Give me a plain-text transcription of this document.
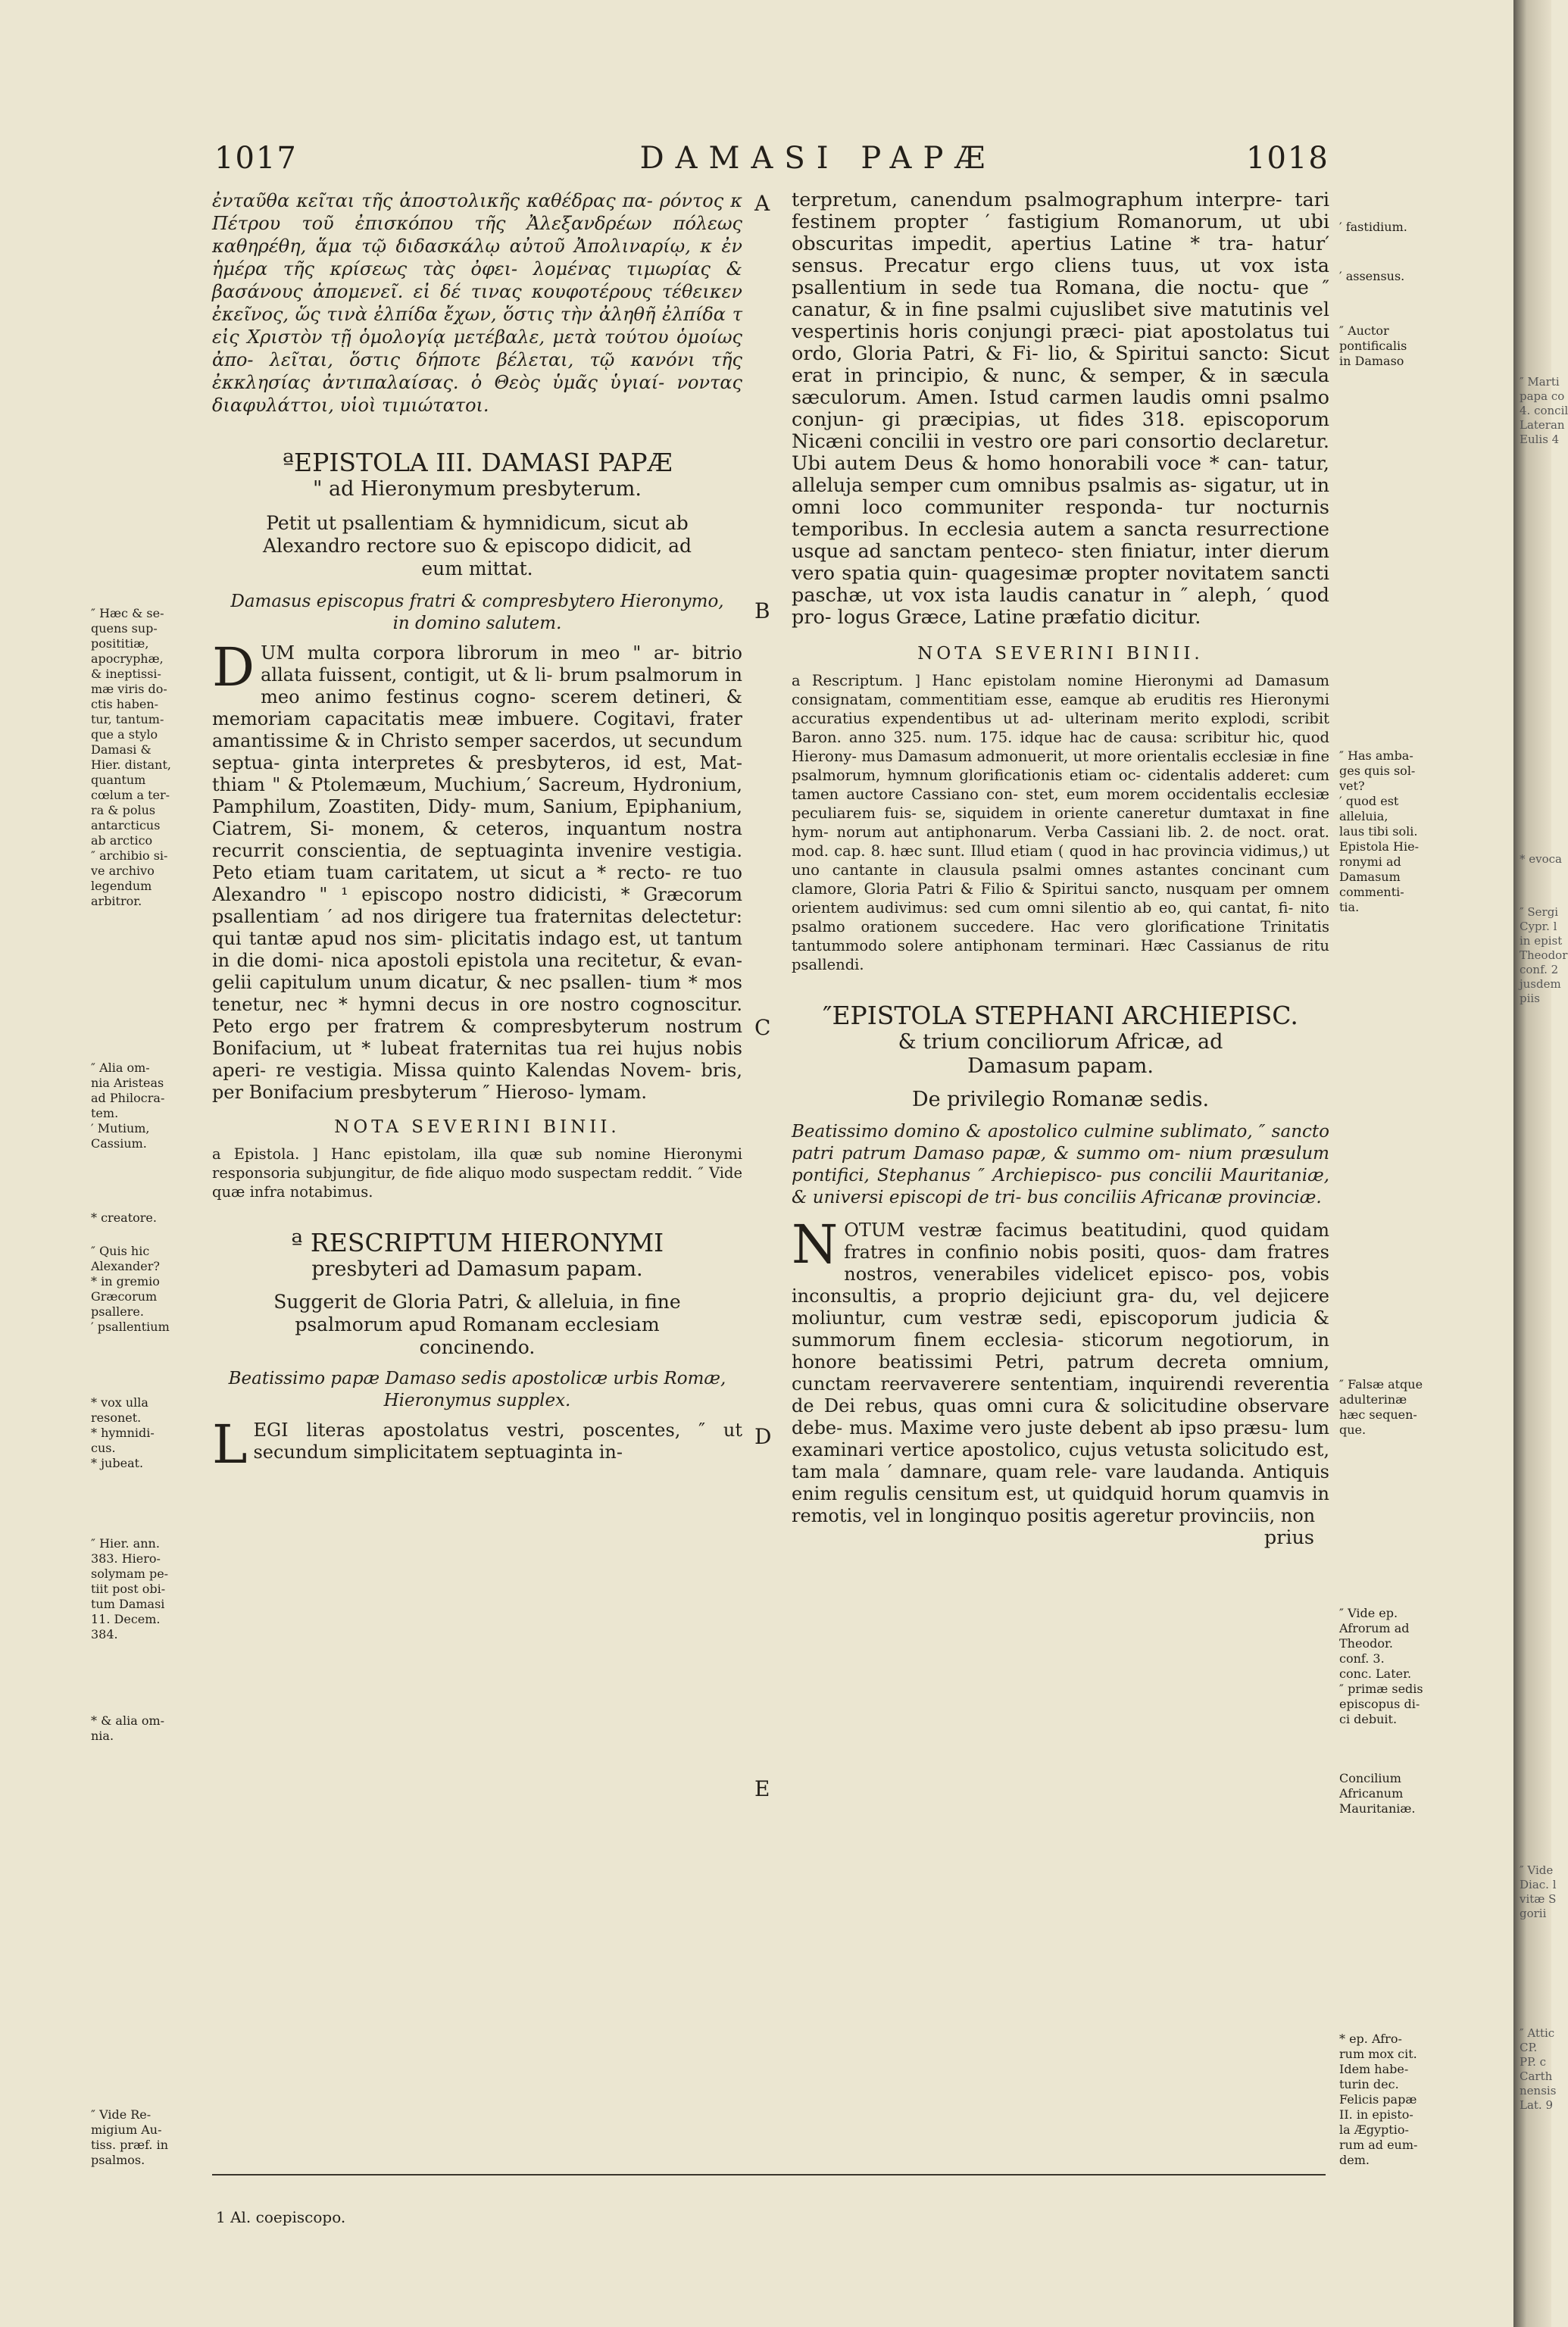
″ Marti
papa co
4. concil
Lateran
Eulis 4
* evoca
″ Sergi
Cypr. l
in epist
Theodor
conf. 2
jusdem
piis
″ Vide
Diac. l
vitæ S
gorii
″ Attic
CP.
PP. c
Carth
nensis
Lat. 9
1017	DAMASI PAPÆ	1018
A
B
C
D
E
″ Hæc & se-
quens sup-
posititiæ,
apocryphæ,
& ineptissi-
mæ viris do-
ctis haben-
tur, tantum-
que a stylo
Damasi &
Hier. distant,
quantum
cœlum a ter-
ra & polus
antarcticus
ab arctico
″ archibio si-
ve archivo
legendum
arbitror.
″ Alia om-
nia Aristeas
ad Philocra-
tem.
′ Mutium,
Cassium.
* creatore.
″ Quis hic
Alexander?
* in gremio
Græcorum
psallere.
′ psallentium
* vox ulla
resonet.
* hymnidi-
cus.
* jubeat.
″ Hier. ann.
383. Hiero-
solymam pe-
tiit post obi-
tum Damasi
11. Decem.
384.
* & alia om-
nia.
″ Vide Re-
migium Au-
tiss. præf. in
psalmos.
′ fastidium.
′ assensus.
″ Auctor
pontificalis
in Damaso
″ Has amba-
ges quis sol-
vet?
′ quod est
alleluia,
laus tibi soli.
Epistola Hie-
ronymi ad
Damasum
commenti-
tia.
″ Falsæ atque
adulterinæ
hæc sequen-
que.
″ Vide ep.
Afrorum ad
Theodor.
conf. 3.
conc. Later.
″ primæ sedis
episcopus di-
ci debuit.
Concilium
Africanum
Mauritaniæ.
* ep. Afro-
rum mox cit.
Idem habe-
turin dec.
Felicis papæ
II. in episto-
la Ægyptio-
rum ad eum-
dem.

ἐνταῦθα κεῖται τῆς ἀποστολικῆς καθέδρας πα- ρόντος κ Πέτρου τοῦ ἐπισκόπου τῆς Ἀλεξανδρέων πόλεως καθηρέθη, ἅμα τῷ διδασκάλῳ αὐτοῦ Ἀπολιναρίῳ, κ ἐν ἡμέρα τῆς κρίσεως τὰς ὀφει- λομένας τιμωρίας & βασάνους ἀπομενεῖ. εἰ δέ τινας κουφοτέρους τέθεικεν ἐκεῖνος, ὥς τινὰ ἐλπίδα ἔχων, ὅστις τὴν ἀληθῆ ἐλπίδα τ εἰς Χριστὸν τῇ ὁμολογίᾳ μετέβαλε, μετὰ τούτου ὁμοίως ἀπο- λεῖται, ὅστις δήποτε βέλεται, τῷ κανόνι τῆς ἐκκλησίας ἀντιπαλαίσας. ὁ Θεὸς ὑμᾶς ὑγιαί- νοντας διαφυλάττοι, υἱοὶ τιμιώτατοι.

ªEPISTOLA III. DAMASI PAPÆ

" ad Hieronymum presbyterum.

Petit ut psallentiam & hymnidicum, sicut ab Alexandro rectore suo & episcopo didicit, ad eum mittat.

Damasus episcopus fratri & compresbytero Hieronymo, in domino salutem.

DUM multa corpora librorum in meo " ar- bitrio allata fuissent, contigit, ut & li- brum psalmorum in meo animo festinus cogno- scerem detineri, & memoriam capacitatis meæ imbuere. Cogitavi, frater amantissime & in Christo semper sacerdos, ut secundum septua- ginta interpretes & presbyteros, id est, Mat- thiam " & Ptolemæum, Muchium,′ Sacreum, Hydronium, Pamphilum, Zoastiten, Didy- mum, Sanium, Epiphanium, Ciatrem, Si- monem, & ceteros, inquantum nostra recurrit conscientia, de septuaginta invenire vestigia. Peto etiam tuam caritatem, ut sicut a * recto- re tuo Alexandro " ¹ episcopo nostro didicisti, * Græcorum psallentiam ′ ad nos dirigere tua fraternitas delectetur: qui tantæ apud nos sim- plicitatis indago est, ut tantum in die domi- nica apostoli epistola una recitetur, & evan- gelii capitulum unum dicatur, & nec psallen- tium * mos tenetur, nec * hymni decus in ore nostro cognoscitur. Peto ergo per fratrem & compresbyterum nostrum Bonifacium, ut * lubeat fraternitas tua rei hujus nobis aperi- re vestigia. Missa quinto Kalendas Novem- bris, per Bonifacium presbyterum ″ Hieroso- lymam.

NOTA SEVERINI BINII.

a Epistola. ] Hanc epistolam, illa quæ sub nomine Hieronymi responsoria subjungitur, de fide aliquo modo suspectam reddit. ″ Vide quæ infra notabimus.

ª RESCRIPTUM HIERONYMI

presbyteri ad Damasum papam.

Suggerit de Gloria Patri, & alleluia, in fine psalmorum apud Romanam ecclesiam concinendo.

Beatissimo papæ Damaso sedis apostolicæ urbis Romæ, Hieronymus supplex.

LEGI literas apostolatus vestri, poscentes, ″ ut secundum simplicitatem septuaginta in-

terpretum, canendum psalmographum interpre- tari festinem propter ′ fastigium Romanorum, ut ubi obscuritas impedit, apertius Latine * tra- hatur′ sensus. Precatur ergo cliens tuus, ut vox ista psallentium in sede tua Romana, die noctu- que ″ canatur, & in fine psalmi cujuslibet sive matutinis vel vespertinis horis conjungi præci- piat apostolatus tui ordo, Gloria Patri, & Fi- lio, & Spiritui sancto: Sicut erat in principio, & nunc, & semper, & in sæcula sæculorum. Amen. Istud carmen laudis omni psalmo conjun- gi præcipias, ut fides 318. episcoporum Nicæni concilii in vestro ore pari consortio declaretur. Ubi autem Deus & homo honorabili voce * can- tatur, alleluja semper cum omnibus psalmis as- sigatur, ut in omni loco communiter responda- tur nocturnis temporibus. In ecclesia autem a sancta resurrectione usque ad sanctam penteco- sten finiatur, inter dierum vero spatia quin- quagesimæ propter novitatem sancti paschæ, ut vox ista laudis canatur in ″ aleph, ′ quod pro- logus Græce, Latine præfatio dicitur.

NOTA SEVERINI BINII.

a Rescriptum. ] Hanc epistolam nomine Hieronymi ad Damasum consignatam, commentitiam esse, eamque ab eruditis res Hieronymi accuratius expendentibus ut ad- ulterinam merito explodi, scribit Baron. anno 325. num. 175. idque hac de causa: scribitur hic, quod Hierony- mus Damasum admonuerit, ut more orientalis ecclesiæ in fine psalmorum, hymnum glorificationis etiam oc- cidentalis adderet: cum tamen auctore Cassiano con- stet, eum morem occidentalis ecclesiæ peculiarem fuis- se, siquidem in oriente caneretur dumtaxat in fine hym- norum aut antiphonarum. Verba Cassiani lib. 2. de noct. orat. mod. cap. 8. hæc sunt. Illud etiam ( quod in hac provincia vidimus,) ut uno cantante in clausula psalmi omnes astantes concinant cum clamore, Gloria Patri & Filio & Spiritui sancto, nusquam per omnem orientem audivimus: sed cum omni silentio ab eo, qui cantat, fi- nito psalmo orationem succedere. Hac vero glorificatione Trinitatis tantummodo solere antiphonam terminari. Hæc Cassianus de ritu psallendi.

″EPISTOLA STEPHANI ARCHIEPISC.

& trium conciliorum Africæ, ad

Damasum papam.

De privilegio Romanæ sedis.

Beatissimo domino & apostolico culmine sublimato, ″ sancto patri patrum Damaso papæ, & summo om- nium præsulum pontifici, Stephanus ″ Archiepisco- pus concilii Mauritaniæ, & universi episcopi de tri- bus conciliis Africanæ provinciæ.

NOTUM vestræ facimus beatitudini, quod quidam fratres in confinio nobis positi, quos- dam fratres nostros, venerabiles videlicet episco- pos, vobis inconsultis, a proprio dejiciunt gra- du, vel dejicere moliuntur, cum vestræ sedi, episcoporum judicia & summorum finem ecclesia- sticorum negotiorum, in honore beatissimi Petri, patrum decreta omnium, cunctam reervaverere sententiam, inquirendi reverentia de Dei rebus, quas omni cura & solicitudine observare debe- mus. Maxime vero juste debent ab ipso præsu- lum examinari vertice apostolico, cujus vetusta solicitudo est, tam mala ′ damnare, quam rele- vare laudanda. Antiquis enim regulis censitum est, ut quidquid horum quamvis in remotis, vel in longinquo positis ageretur provinciis, non

prius

1 Al. coepiscopo.
